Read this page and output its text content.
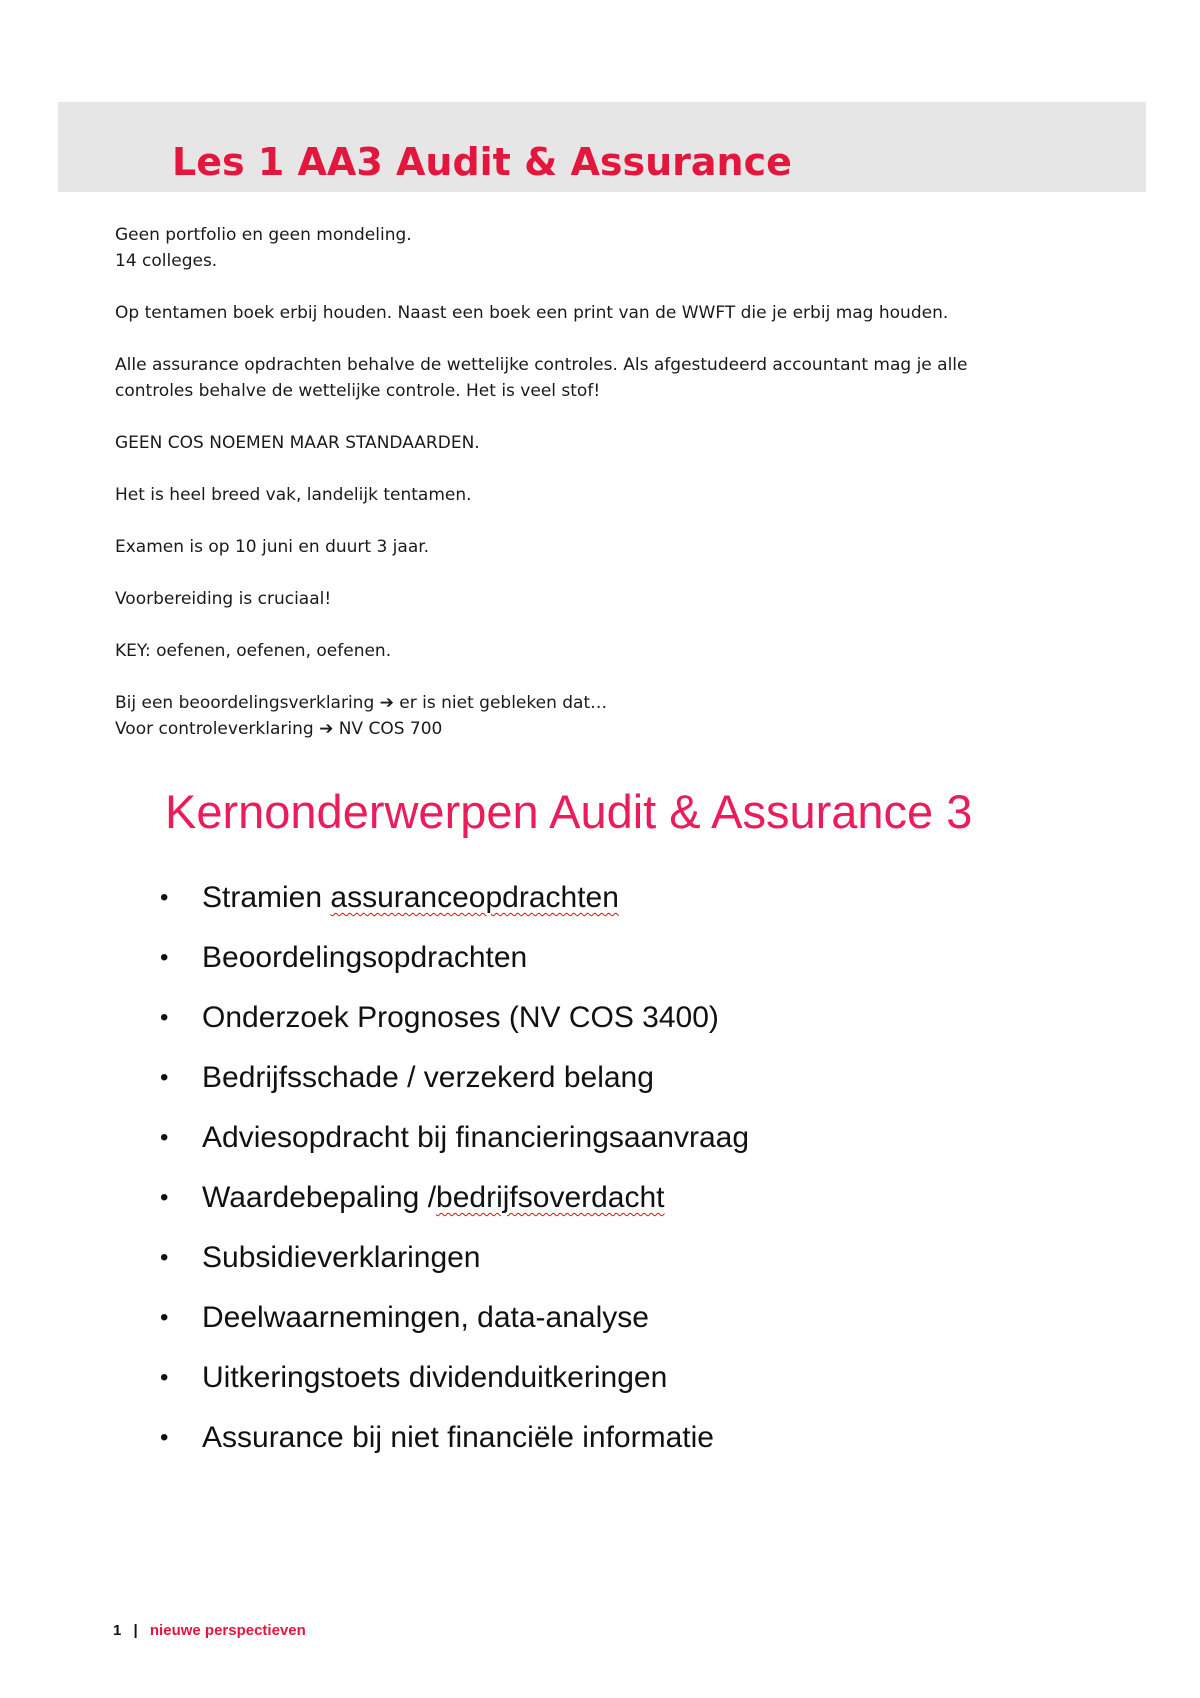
Les 1 AA3 Audit & Assurance

Geen portfolio en geen mondeling.
14 colleges.

Op tentamen boek erbij houden. Naast een boek een print van de WWFT die je erbij mag houden.

Alle assurance opdrachten behalve de wettelijke controles. Als afgestudeerd accountant mag je alle
controles behalve de wettelijke controle. Het is veel stof!

GEEN COS NOEMEN MAAR STANDAARDEN.

Het is heel breed vak, landelijk tentamen.

Examen is op 10 juni en duurt 3 jaar.

Voorbereiding is cruciaal!

KEY: oefenen, oefenen, oefenen.

Bij een beoordelingsverklaring ➔ er is niet gebleken dat…
Voor controleverklaring ➔ NV COS 700

Kernonderwerpen Audit & Assurance 3
• Stramien assuranceopdrachten
• Beoordelingsopdrachten
• Onderzoek Prognoses (NV COS 3400)
• Bedrijfsschade / verzekerd belang
• Adviesopdracht bij financieringsaanvraag
• Waardebepaling /bedrijfsoverdacht
• Subsidieverklaringen
• Deelwaarnemingen, data-analyse
• Uitkeringstoets dividenduitkeringen
• Assurance bij niet financiële informatie
1 | nieuwe perspectieven
